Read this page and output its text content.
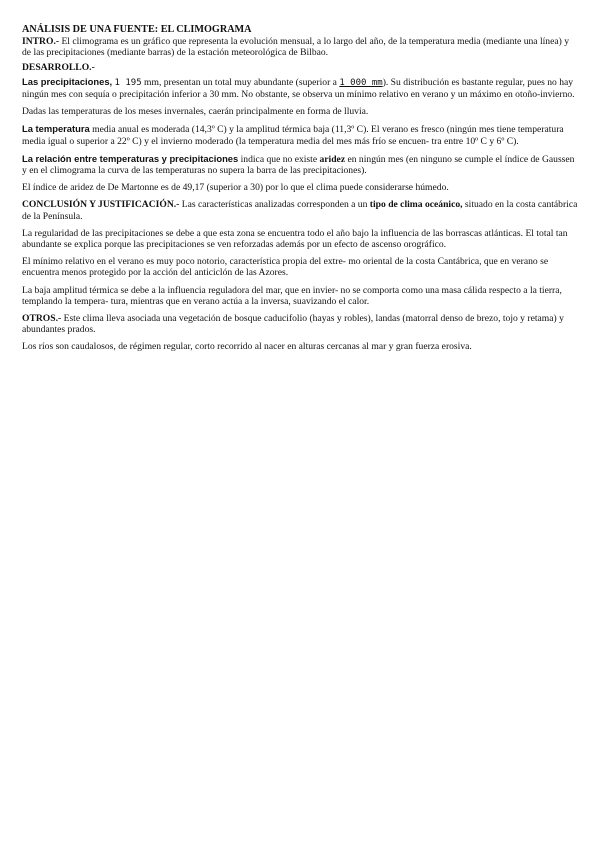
ANÁLISIS DE UNA FUENTE: EL CLIMOGRAMA

INTRO.- El climograma es un gráfico que representa la evolución mensual, a lo largo del año, de la temperatura media (mediante una línea) y de las precipitaciones (mediante barras) de la estación meteorológica de Bilbao.

DESARROLLO.-

Las precipitaciones, 1 195 mm, presentan un total muy abundante (superior a 1 000 mm). Su distribución es bastante regular, pues no hay ningún mes con sequía o precipitación inferior a 30 mm. No obstante, se observa un mínimo relativo en verano y un máximo en otoño-invierno.

Dadas las temperaturas de los meses invernales, caerán principalmente en forma de lluvia.

La temperatura media anual es moderada (14,3º C) y la amplitud térmica baja (11,3º C). El verano es fresco (ningún mes tiene temperatura media igual o superior a 22º C) y el invierno moderado (la temperatura media del mes más frío se encuen- tra entre 10º C y 6º C).

La relación entre temperaturas y precipitaciones indica que no existe aridez en ningún mes (en ninguno se cumple el índice de Gaussen y en el climograma la curva de las temperaturas no supera la barra de las precipitaciones).

El índice de aridez de De Martonne es de 49,17 (superior a 30) por lo que el clima puede considerarse húmedo.

CONCLUSIÓN Y JUSTIFICACIÓN.- Las características analizadas corresponden a un tipo de clima oceánico, situado en la costa cantábrica de la Península.

La regularidad de las precipitaciones se debe a que esta zona se encuentra todo el año bajo la influencia de las borrascas atlánticas. El total tan abundante se explica porque las precipitaciones se ven reforzadas además por un efecto de ascenso orográfico.

El mínimo relativo en el verano es muy poco notorio, característica propia del extre- mo oriental de la costa Cantábrica, que en verano se encuentra menos protegido por la acción del anticiclón de las Azores.

La baja amplitud térmica se debe a la influencia reguladora del mar, que en invier- no se comporta como una masa cálida respecto a la tierra, templando la tempera- tura, mientras que en verano actúa a la inversa, suavizando el calor.

OTROS.- Este clima lleva asociada una vegetación de bosque caducifolio (hayas y robles), landas (matorral denso de brezo, tojo y retama) y abundantes prados.

Los ríos son caudalosos, de régimen regular, corto recorrido al nacer en alturas cercanas al mar y gran fuerza erosiva.
